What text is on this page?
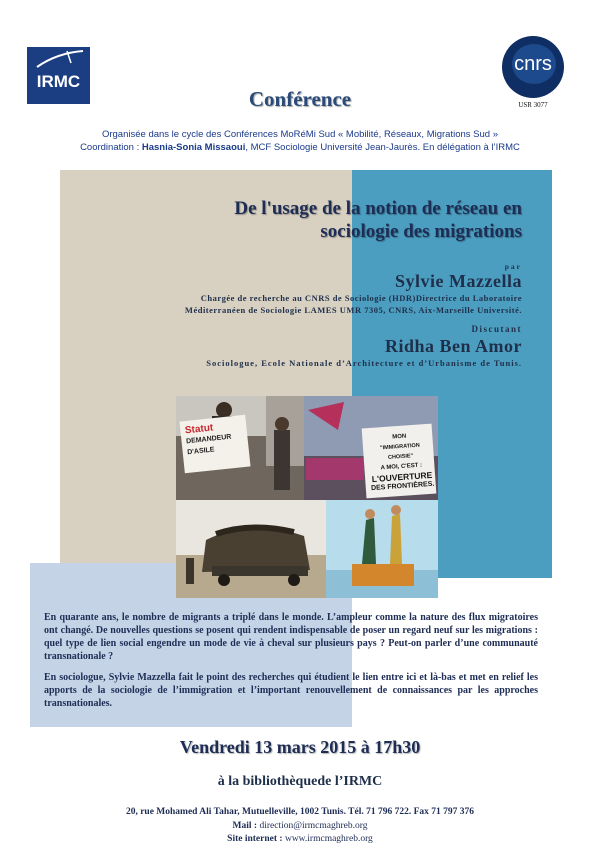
IRMC
cnrs
USR 3077
Conférence
Organisée dans le cycle des Conférences MoRéMi Sud « Mobilité, Réseaux, Migrations Sud »
Coordination : Hasnia-Sonia Missaoui, MCF Sociologie Université Jean-Jaurès. En délégation à l’IRMC
De l'usage de la notion de réseau en
sociologie des migrations
par
Sylvie Mazzella
Chargée de recherche au CNRS de Sociologie (HDR)Directrice du Laboratoire
Méditerranéen de Sociologie LAMES UMR 7305, CNRS, Aix-Marseille Université.
Discutant
Ridha Ben Amor
Sociologue, Ecole Nationale d’Architecture et d’Urbanisme de Tunis.
Statut
DEMANDEUR D'ASILE
MON
"IMMIGRATION CHOISIE"
A MOI, C'EST :
L'OUVERTURE
DES FRONTIÈRES.

En quarante ans, le nombre de migrants a triplé dans le monde. L’ampleur comme la nature des flux migratoires ont changé. De nouvelles questions se posent qui rendent indispensable de poser un regard neuf sur les migrations : quel type de lien social engendre un mode de vie à cheval sur plusieurs pays ? Peut-on parler d’une communauté transnationale ?

En sociologue, Sylvie Mazzella fait le point des recherches qui étudient le lien entre ici et là-bas et met en relief les apports de la sociologie de l’immigration et l’important renouvellement de connaissances par les approches transnationales.

Vendredi 13 mars 2015 à 17h30
à la bibliothèquede l’IRMC
20, rue Mohamed Ali Tahar, Mutuelleville, 1002 Tunis. Tél. 71 796 722. Fax 71 797 376
Mail : direction@irmcmaghreb.org
Site internet : www.irmcmaghreb.org
